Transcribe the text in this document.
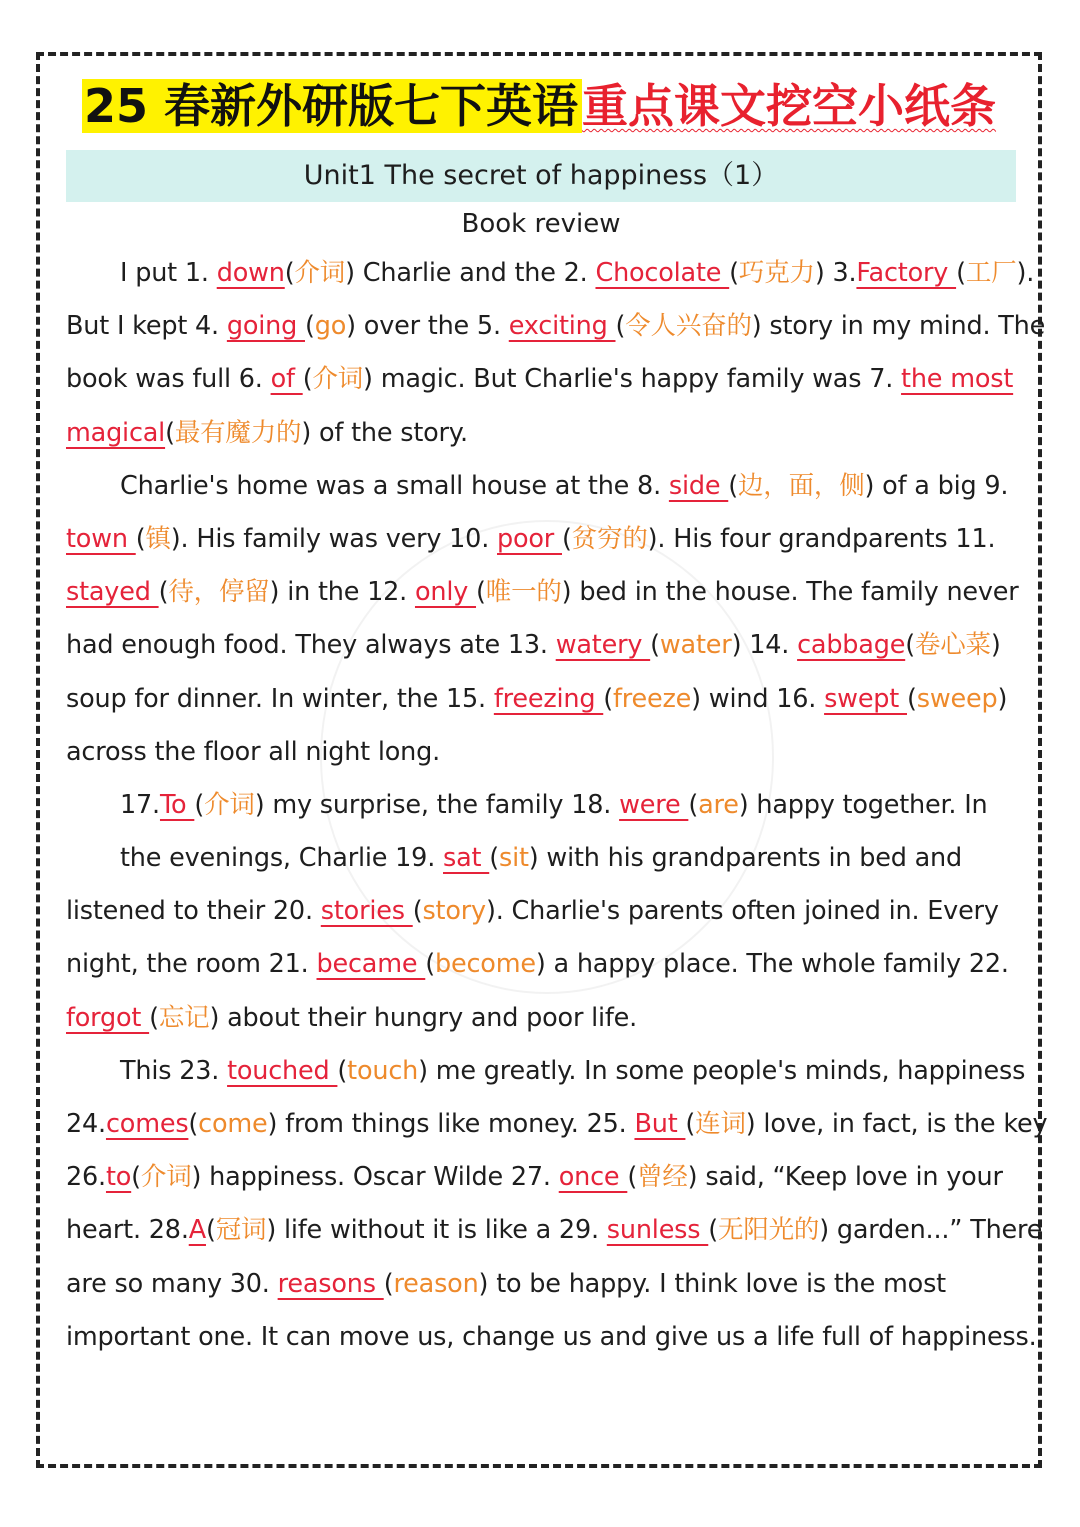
25 春新外研版七下英语重点课文挖空小纸条
Unit1 The secret of happiness（1）
Book review
I put 1. down(介词) Charlie and the 2. Chocolate (巧克力) 3.Factory (工厂).
But I kept 4. going (go) over the 5. exciting (令人兴奋的) story in my mind. The
book was full 6. of (介词) magic. But Charlie's happy family was 7. the most
magical(最有魔力的) of the story.
Charlie's home was a small house at the 8. side (边，面，侧) of a big 9.
town (镇). His family was very 10. poor (贫穷的). His four grandparents 11.
stayed (待，停留) in the 12. only (唯一的) bed in the house. The family never
had enough food. They always ate 13. watery (water) 14. cabbage(卷心菜)
soup for dinner. In winter, the 15. freezing (freeze) wind 16. swept (sweep)
across the floor all night long.
17.To (介词) my surprise, the family 18. were (are) happy together. In
the evenings, Charlie 19. sat (sit) with his grandparents in bed and
listened to their 20. stories (story). Charlie's parents often joined in. Every
night, the room 21. became (become) a happy place. The whole family 22.
forgot (忘记) about their hungry and poor life.
This 23. touched (touch) me greatly. In some people's minds, happiness
24.comes(come) from things like money. 25. But (连词) love, in fact, is the key
26.to(介词) happiness. Oscar Wilde 27. once (曾经) said, “Keep love in your
heart. 28.A(冠词) life without it is like a 29. sunless (无阳光的) garden...” There
are so many 30. reasons (reason) to be happy. I think love is the most
important one. It can move us, change us and give us a life full of happiness.
